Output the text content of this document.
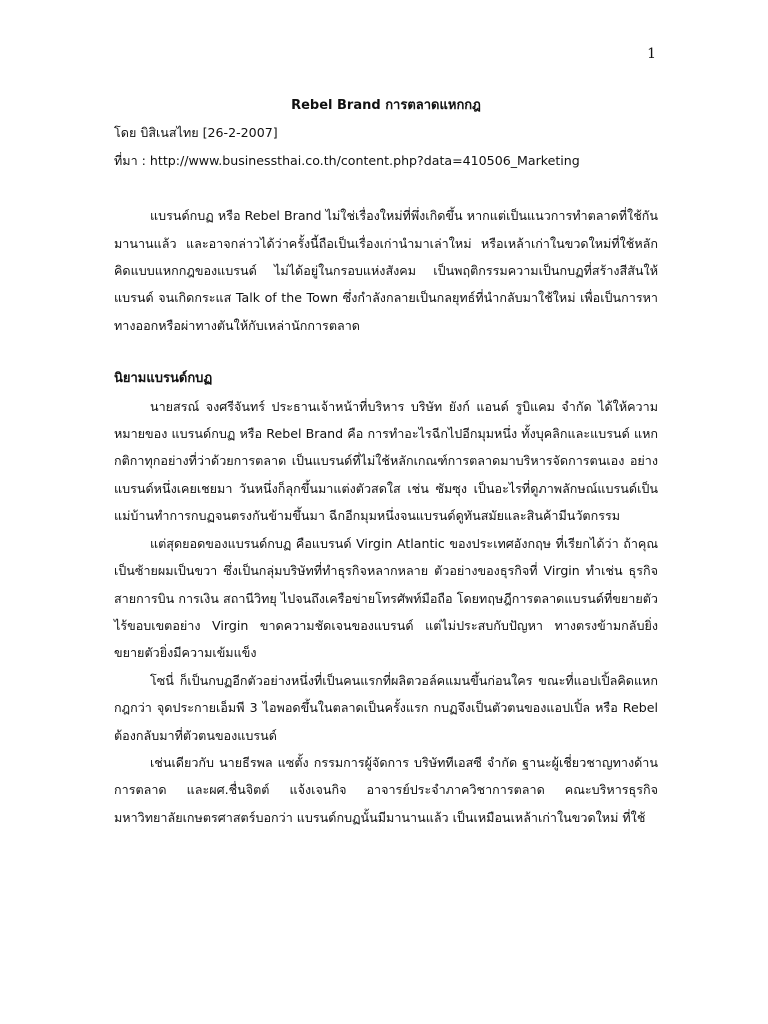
1

Rebel Brand การตลาดแหกกฎ

โดย บิสิเนสไทย [26-2-2007]

ที่มา : http://www.businessthai.co.th/content.php?data=410506_Marketing

แบรนด์กบฏ หรือ Rebel Brand ไม่ใช่เรื่องใหม่ที่พึ่งเกิดขึ้น หากแต่เป็นแนวการทำตลาดที่ใช้กันมานานแล้ว และอาจกล่าวได้ว่าครั้งนี้ถือเป็นเรื่องเก่านำมาเล่าใหม่ หรือเหล้าเก่าในขวดใหม่ที่ใช้หลักคิดแบบแหกกฎของแบรนด์ ไม่ได้อยู่ในกรอบแห่งสังคม เป็นพฤติกรรมความเป็นกบฏที่สร้างสีสันให้แบรนด์ จนเกิดกระแส Talk of the Town ซึ่งกำลังกลายเป็นกลยุทธ์ที่นำกลับมาใช้ใหม่ เพื่อเป็นการหาทางออกหรือผ่าทางตันให้กับเหล่านักการตลาด

นิยามแบรนด์กบฏ

นายสรณ์ จงศรีจันทร์ ประธานเจ้าหน้าที่บริหาร บริษัท ยังก์ แอนด์ รูบิแคม จำกัด ได้ให้ความหมายของ แบรนด์กบฏ หรือ Rebel Brand คือ การทำอะไรฉีกไปอีกมุมหนึ่ง ทั้งบุคลิกและแบรนด์ แหกกติกาทุกอย่างที่ว่าด้วยการตลาด เป็นแบรนด์ที่ไม่ใช้หลักเกณฑ์การตลาดมาบริหารจัดการตนเอง อย่างแบรนด์หนึ่งเคยเชยมา วันหนึ่งก็ลุกขึ้นมาแต่งตัวสดใส เช่น ซัมซุง เป็นอะไรที่ดูภาพลักษณ์แบรนด์เป็นแม่บ้านทำการกบฏจนตรงกันข้ามขึ้นมา ฉีกอีกมุมหนึ่งจนแบรนด์ดูทันสมัยและสินค้ามีนวัตกรรม

แต่สุดยอดของแบรนด์กบฏ คือแบรนด์ Virgin Atlantic ของประเทศอังกฤษ ที่เรียกได้ว่า ถ้าคุณเป็นซ้ายผมเป็นขวา ซึ่งเป็นกลุ่มบริษัทที่ทำธุรกิจหลากหลาย ตัวอย่างของธุรกิจที่ Virgin ทำเช่น ธุรกิจสายการบิน การเงิน สถานีวิทยุ ไปจนถึงเครือข่ายโทรศัพท์มือถือ โดยทฤษฎีการตลาดแบรนด์ที่ขยายตัวไร้ขอบเขตอย่าง Virgin ขาดความชัดเจนของแบรนด์ แต่ไม่ประสบกับปัญหา ทางตรงข้ามกลับยิ่งขยายตัวยิ่งมีความเข้มแข็ง

โซนี่ ก็เป็นกบฏอีกตัวอย่างหนึ่งที่เป็นคนแรกที่ผลิตวอล์คแมนขึ้นก่อนใคร ขณะที่แอปเปิ้ลคิดแหกกฎกว่า จุดประกายเอ็มพี 3 ไอพอดขึ้นในตลาดเป็นครั้งแรก กบฏจึงเป็นตัวตนของแอปเปิ้ล หรือ Rebel ต้องกลับมาที่ตัวตนของแบรนด์

เช่นเดียวกับ นายธีรพล แซตั้ง กรรมการผู้จัดการ บริษัททีเอสซี จำกัด ฐานะผู้เชี่ยวชาญทางด้านการตลาด และผศ.ชื่นจิตต์ แจ้งเจนกิจ อาจารย์ประจำภาควิชาการตลาด คณะบริหารธุรกิจ มหาวิทยาลัยเกษตรศาสตร์บอกว่า แบรนด์กบฏนั้นมีมานานแล้ว เป็นเหมือนเหล้าเก่าในขวดใหม่ ที่ใช้
